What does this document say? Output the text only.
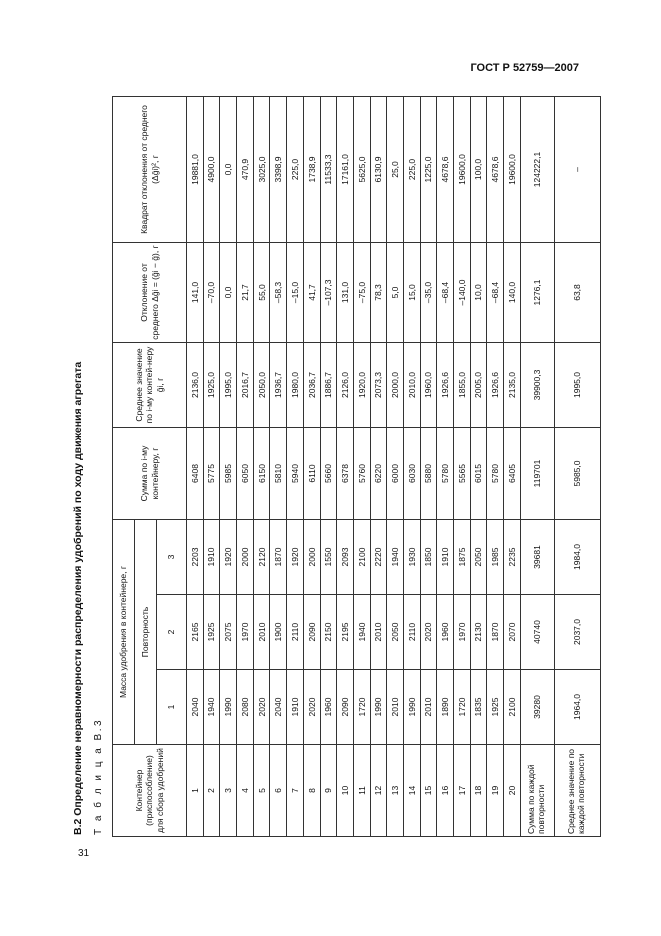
ГОСТ Р 52759—2007
В.2 Определение неравномерности распределения удобрений по ходу движения агрегата Т а б л и ц а В.3	Контейнер (приспособление) для сбора удобрений	Масса удобрения в контейнере, г			Сумма по i-му контейнеру, г	Среднее значение по i-му контей-неру ḡi, г	Отклонение от среднего Δḡi = (ḡi − ḡ), г	Квадрат отклонения от среднего (Δḡi)², г
	Повторность						
	1	2	3				
1	2040	2165	2203	6408	2136,0	141,0	19881,0
2	1940	1925	1910	5775	1925,0	–70,0	4900,0
3	1990	2075	1920	5985	1995,0	0,0	0,0
4	2080	1970	2000	6050	2016,7	21,7	470,9
5	2020	2010	2120	6150	2050,0	55,0	3025,0
6	2040	1900	1870	5810	1936,7	–58,3	3398,9
7	1910	2110	1920	5940	1980,0	–15,0	225,0
8	2020	2090	2000	6110	2036,7	41,7	1738,9
9	1960	2150	1550	5660	1886,7	–107,3	11533,3
10	2090	2195	2093	6378	2126,0	131,0	17161,0
11	1720	1940	2100	5760	1920,0	–75,0	5625,0
12	1990	2010	2220	6220	2073,3	78,3	6130,9
13	2010	2050	1940	6000	2000,0	5,0	25,0
14	1990	2110	1930	6030	2010,0	15,0	225,0
15	2010	2020	1850	5880	1960,0	–35,0	1225,0
16	1890	1960	1910	5780	1926,6	–68,4	4678,6
17	1720	1970	1875	5565	1855,0	–140,0	19600,0
18	1835	2130	2050	6015	2005,0	10,0	100,0
19	1925	1870	1985	5780	1926,6	–68,4	4678,6
20	2100	2070	2235	6405	2135,0	140,0	19600,0
Сумма по каждой повторности	39280	40740	39681	119701	39900,3	1276,1	124222,1
Среднее значение по каждой повторности	1964,0	2037,0	1984,0	5985,0	1995,0	63,8	–
31
